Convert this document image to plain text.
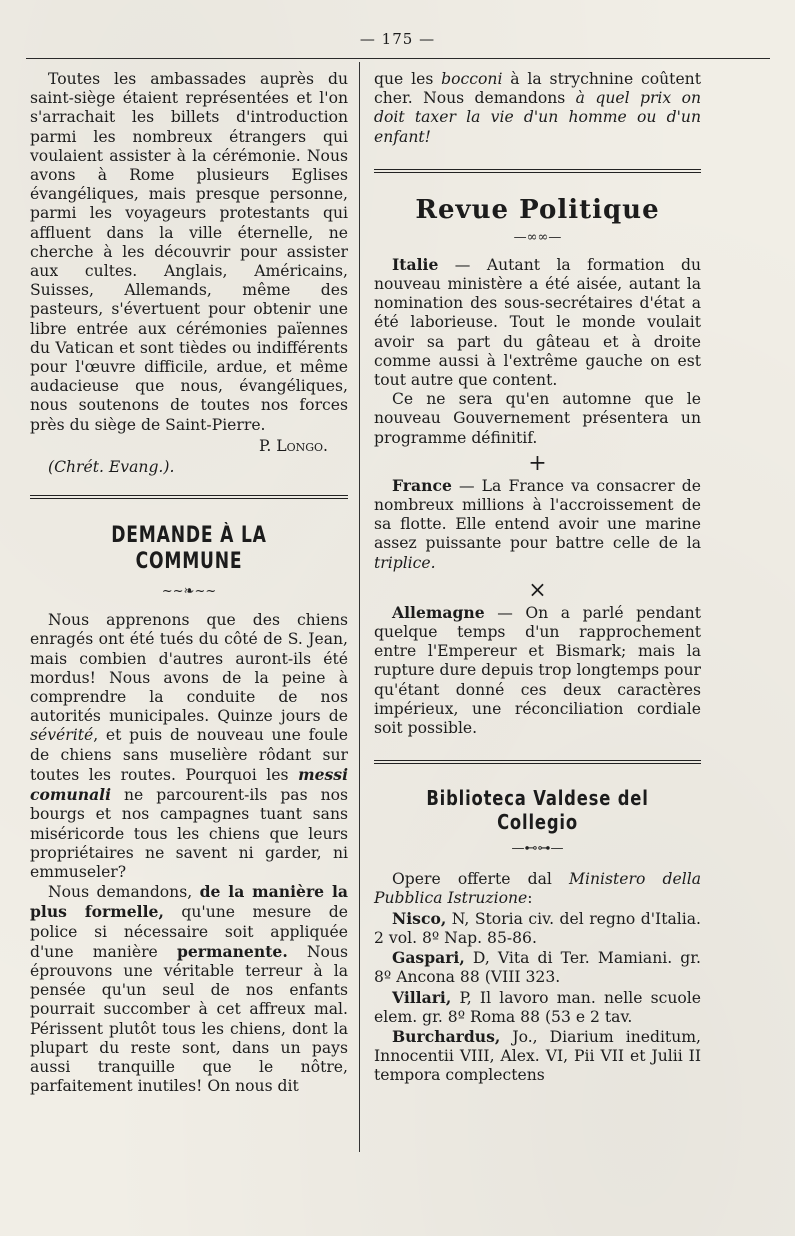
— 175 —

Toutes les ambassades auprès du saint-siège étaient représentées et l'on s'arrachait les billets d'introduction parmi les nombreux étrangers qui voulaient assister à la cérémonie. Nous avons à Rome plusieurs Eglises évangéliques, mais presque personne, parmi les voyageurs protestants qui affluent dans la ville éternelle, ne cherche à les découvrir pour assister aux cultes. Anglais, Américains, Suisses, Allemands, même des pasteurs, s'évertuent pour obtenir une libre entrée aux cérémonies païennes du Vatican et sont tièdes ou indifférents pour l'œuvre difficile, ardue, et même audacieuse que nous, évangéliques, nous soutenons de toutes nos forces près du siège de Saint-Pierre.

P. Longo.
(Chrét. Evang.).
DEMANDE À LA COMMUNE
~~❧~~

Nous apprenons que des chiens enragés ont été tués du côté de S. Jean, mais combien d'autres auront-ils été mordus! Nous avons de la peine à comprendre la conduite de nos autorités municipales. Quinze jours de sévérité, et puis de nouveau une foule de chiens sans muselière rôdant sur toutes les routes. Pourquoi les messi comunali ne parcourent-ils pas nos bourgs et nos campagnes tuant sans miséricorde tous les chiens que leurs propriétaires ne savent ni garder, ni emmuseler?

Nous demandons, de la manière la plus formelle, qu'une mesure de police si nécessaire soit appliquée d'une manière permanente. Nous éprouvons une véritable terreur à la pensée qu'un seul de nos enfants pourrait succomber à cet affreux mal. Périssent plutôt tous les chiens, dont la plupart du reste sont, dans un pays aussi tranquille que le nôtre, parfaitement inutiles! On nous dit

que les bocconi à la strychnine coûtent cher. Nous demandons à quel prix on doit taxer la vie d'un homme ou d'un enfant!

Revue Politique
—∞∞—

Italie — Autant la formation du nouveau ministère a été aisée, autant la nomination des sous-secrétaires d'état a été laborieuse. Tout le monde voulait avoir sa part du gâteau et à droite comme aussi à l'extrême gauche on est tout autre que content.

Ce ne sera qu'en automne que le nouveau Gouvernement présentera un programme définitif.

+

France — La France va consacrer de nombreux millions à l'accroissement de sa flotte. Elle entend avoir une marine assez puissante pour battre celle de la triplice.

×

Allemagne — On a parlé pendant quelque temps d'un rapprochement entre l'Empereur et Bismark; mais la rupture dure depuis trop longtemps pour qu'étant donné ces deux caractères impérieux, une réconciliation cordiale soit possible.

Biblioteca Valdese del Collegio
—⊷⊶—

Opere offerte dal Ministero della Pubblica Istruzione:

Nisco, N, Storia civ. del regno d'Italia. 2 vol. 8º Nap. 85-86.

Gaspari, D, Vita di Ter. Mamiani. gr. 8º Ancona 88 (VIII 323.

Villari, P, Il lavoro man. nelle scuole elem. gr. 8º Roma 88 (53 e 2 tav.

Burchardus, Jo., Diarium ineditum, Innocentii VIII, Alex. VI, Pii VII et Julii II tempora complectens
